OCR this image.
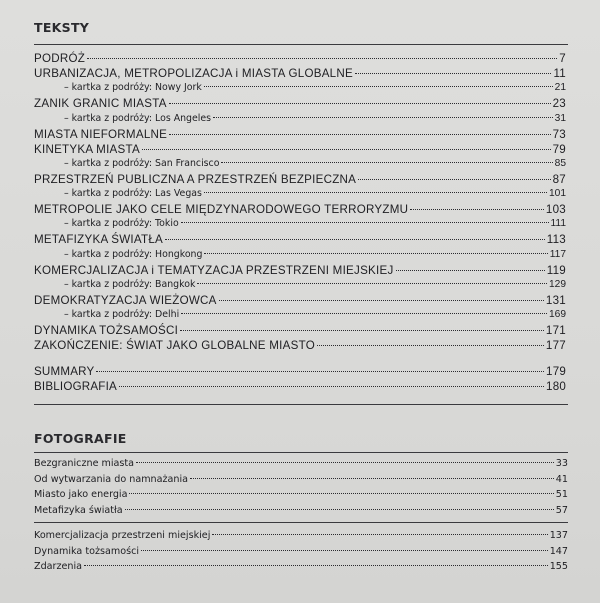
TEKSTY
PODRÓŻ	7
URBANIZACJA, METROPOLIZACJA i MIASTA GLOBALNE	11
– kartka z podróży: Nowy Jork	21
ZANIK GRANIC MIASTA	23
– kartka z podróży: Los Angeles	31
MIASTA NIEFORMALNE	73
KINETYKA MIASTA	79
– kartka z podróży: San Francisco	85
PRZESTRZEŃ PUBLICZNA A PRZESTRZEŃ BEZPIECZNA	87
– kartka z podróży: Las Vegas	101
METROPOLIE JAKO CELE MIĘDZYNARODOWEGO TERRORYZMU	103
– kartka z podróży: Tokio	111
METAFIZYKA ŚWIATŁA	113
– kartka z podróży: Hongkong	117
KOMERCJALIZACJA i TEMATYZACJA PRZESTRZENI MIEJSKIEJ	119
– kartka z podróży: Bangkok	129
DEMOKRATYZACJA WIEŻOWCA	131
– kartka z podróży: Delhi	169
DYNAMIKA TOŻSAMOŚCI	171
ZAKOŃCZENIE: ŚWIAT JAKO GLOBALNE MIASTO	177
SUMMARY	179
BIBLIOGRAFIA	180
FOTOGRAFIE
Bezgraniczne miasta	33
Od wytwarzania do namnażania	41
Miasto jako energia	51
Metafizyka światła	57
Komercjalizacja przestrzeni miejskiej	137
Dynamika tożsamości	147
Zdarzenia	155
